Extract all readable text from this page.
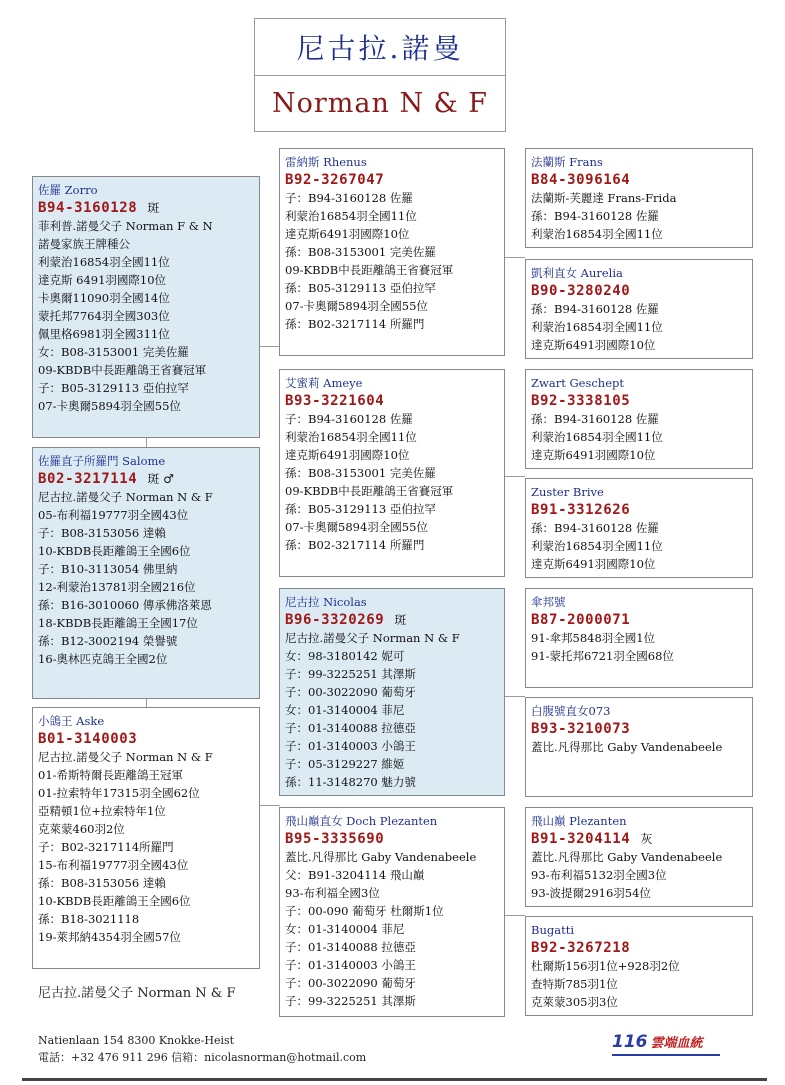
尼古拉.諾曼
Norman N & F
佐羅 Zorro
B94-3160128 斑
菲利普.諾曼父子 Norman F & N
諾曼家族王牌種公
利蒙治16854羽全國11位
達克斯 6491羽國際10位
卡奧爾11090羽全國14位
蒙托邦7764羽全國303位
佩里格6981羽全國311位
女：B08-3153001 完美佐羅
09-KBDB中長距離鴿王省賽冠軍
子：B05-3129113 亞伯拉罕
07-卡奧爾5894羽全國55位
佐羅直子所羅門 Salome
B02-3217114 斑 ♂
尼古拉.諾曼父子 Norman N & F
05-布利福19777羽全國43位
子：B08-3153056 達賴
10-KBDB長距離鴿王全國6位
子：B10-3113054 佛里納
12-利蒙治13781羽全國216位
孫：B16-3010060 傳承佛洛萊恩
18-KBDB長距離鴿王全國17位
孫：B12-3002194 榮譽號
16-奧林匹克鴿王全國2位
小鴿王 Aske
B01-3140003
尼古拉.諾曼父子 Norman N & F
01-希斯特爾長距離鴿王冠軍
01-拉索特年17315羽全國62位
亞精頓1位+拉索特年1位
克萊蒙460羽2位
子：B02-3217114所羅門
15-布利福19777羽全國43位
孫：B08-3153056 達賴
10-KBDB長距離鴿王全國6位
孫：B18-3021118
19-萊邦納4354羽全國57位
雷納斯 Rhenus
B92-3267047
子：B94-3160128 佐羅
利蒙治16854羽全國11位
達克斯6491羽國際10位
孫：B08-3153001 完美佐羅
09-KBDB中長距離鴿王省賽冠軍
孫：B05-3129113 亞伯拉罕
07-卡奧爾5894羽全國55位
孫：B02-3217114 所羅門
艾蜜莉 Ameye
B93-3221604
子：B94-3160128 佐羅
利蒙治16854羽全國11位
達克斯6491羽國際10位
孫：B08-3153001 完美佐羅
09-KBDB中長距離鴿王省賽冠軍
孫：B05-3129113 亞伯拉罕
07-卡奧爾5894羽全國55位
孫：B02-3217114 所羅門
尼古拉 Nicolas
B96-3320269 斑
尼古拉.諾曼父子 Norman N & F
女：98-3180142 妮可
子：99-3225251 其澤斯
子：00-3022090 葡萄牙
女：01-3140004 菲尼
子：01-3140088 拉德亞
子：01-3140003 小鴿王
子：05-3129227 維姬
孫：11-3148270 魅力號
飛山巔直女 Doch Plezanten
B95-3335690
蓋比.凡得那比 Gaby Vandenabeele
父：B91-3204114 飛山巔
93-布利福全國3位
子：00-090 葡萄牙 杜爾斯1位
女：01-3140004 菲尼
子：01-3140088 拉德亞
子：01-3140003 小鴿王
子：00-3022090 葡萄牙
子：99-3225251 其澤斯
法蘭斯 Frans
B84-3096164
法蘭斯-芙麗達 Frans-Frida
孫：B94-3160128 佐羅
利蒙治16854羽全國11位
凱利直女 Aurelia
B90-3280240
孫：B94-3160128 佐羅
利蒙治16854羽全國11位
達克斯6491羽國際10位
Zwart Geschept
B92-3338105
孫：B94-3160128 佐羅
利蒙治16854羽全國11位
達克斯6491羽國際10位
Zuster Brive
B91-3312626
孫：B94-3160128 佐羅
利蒙治16854羽全國11位
達克斯6491羽國際10位
傘邦號
B87-2000071
91-傘邦5848羽全國1位
91-蒙托邦6721羽全國68位
白腹號直女073
B93-3210073
蓋比.凡得那比 Gaby Vandenabeele
飛山巔 Plezanten
B91-3204114 灰
蓋比.凡得那比 Gaby Vandenabeele
93-布利福5132羽全國3位
93-波提爾2916羽54位
Bugatti
B92-3267218
杜爾斯156羽1位+928羽2位
查特斯785羽1位
克萊蒙305羽3位
尼古拉.諾曼父子 Norman N & F
Natienlaan 154 8300 Knokke-Heist
電話：+32 476 911 296 信箱：nicolasnorman@hotmail.com
116 雲端血統
